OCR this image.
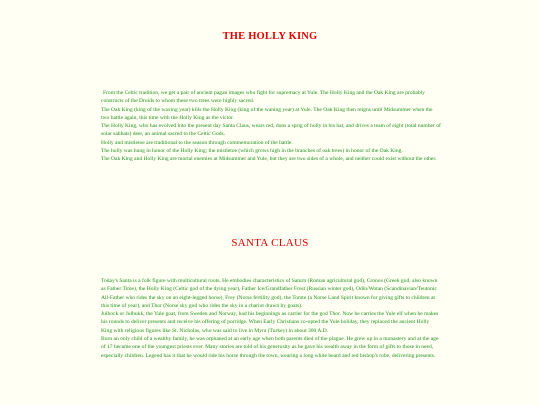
THE HOLLY KING

From the Celtic tradition, we get a pair of ancient pagan images who fight for supremacy at Yule. The Holly King and the Oak King are probably constructs of the Druids to whom these two trees were highly sacred.

The Oak King (king of the waxing year) kills the Holly King (king of the waning year) at Yule. The Oak King then reigns until Midsummer when the two battle again, this time with the Holly King as the victor.

The Holly King, who has evolved into the present day Santa Claus, wears red, dons a sprig of holly in his hat, and drives a team of eight (total number of solar sabbats) deer, an animal sacred to the Celtic Gods.

Holly and mistletoe are traditional to the season through commemoration of the battle.

The holly was hung in honor of the Holly King; the mistletoe (which grows high in the branches of oak trees) in honor of the Oak King.

The Oak King and Holly King are mortal enemies at Midsummer and Yule, but they are two sides of a whole, and neither could exist without the other.

SANTA CLAUS

Today's Santa is a folk figure with multicultural roots. He embodies characteristics of Saturn (Roman agricultural god), Cronos (Greek god, also known as Father Time), the Holly King (Celtic god of the dying year), Father Ice/Grandfather Frost (Russian winter god), Odin/Wotan (Scandinavian/Teutonic All-Father who rides the sky on an eight-legged horse), Frey (Norse fertility god), the Tomte (a Norse Land Spirit known for giving gifts to children at this time of year), and Thor (Norse sky god who rides the sky in a chariot drawn by goats).

Julbock or Julbukk, the Yule goat, from Sweden and Norway, had his beginnings as carrier for the god Thor. Now he carries the Yule elf when he makes his rounds to deliver presents and receive his offering of porridge. When Early Christians co-opted the Yule holiday, they replaced the ancient Holly King with religious figures like St. Nicholas, who was said to live in Myra (Turkey) in about 300 A.D.

Born an only child of a wealthy family, he was orphaned at an early age when both parents died of the plague. He grew up in a monastery and at the age of 17 became one of the youngest priests ever. Many stories are told of his generosity as he gave his wealth away in the form of gifts to those in need, especially children. Legend has it that he would ride his horse through the town, wearing a long white beard and red bishop's robe, delivering presents.
